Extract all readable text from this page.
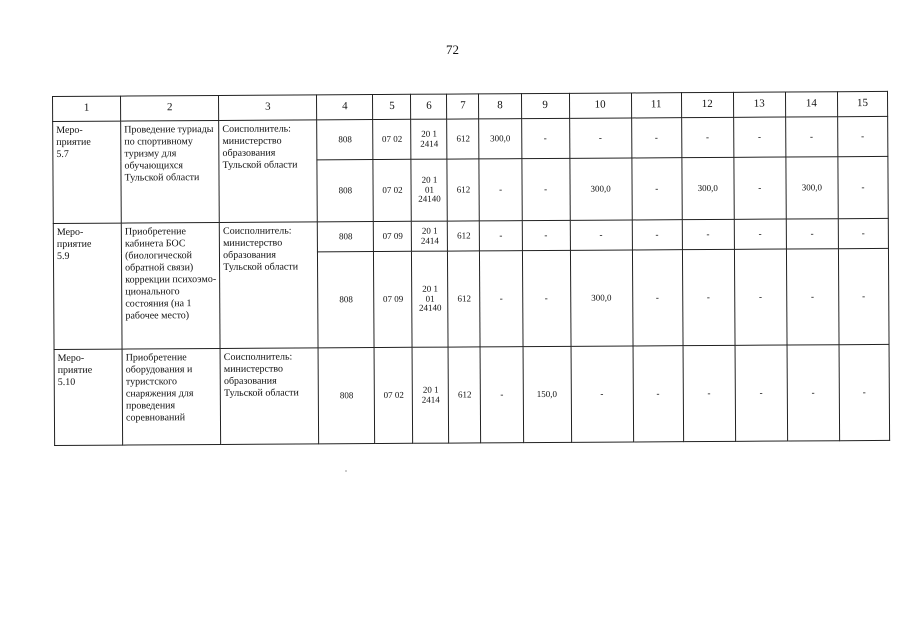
72
1	2	3	4	5	6	7	8	9	10	11	12	13	14	15
Меро-
приятие
5.7	Проведение туриады по спортивному туризму для обучающихся Тульской области	Соисполнитель: министерство образования Тульской области	808	07 02	20 1
2414	612	300,0	-	-	-	-	-	-	-
			808	07 02	20 1
01
24140	612	-	-	300,0	-	300,0	-	300,0	-
Меро-
приятие
5.9	Приобретение кабинета БОС (биологической обратной связи) коррекции психоэмо-ционального состояния (на 1 рабочее место)	Соисполнитель: министерство образования Тульской области	808	07 09	20 1
2414	612	-	-	-	-	-	-	-	-
			808	07 09	20 1
01
24140	612	-	-	300,0	-	-	-	-	-
Меро-
приятие
5.10	Приобретение оборудования и туристского снаряжения для проведения соревнований	Соисполнитель: министерство образования Тульской области	808	07 02	20 1
2414	612	-	150,0	-	-	-	-	-	-
